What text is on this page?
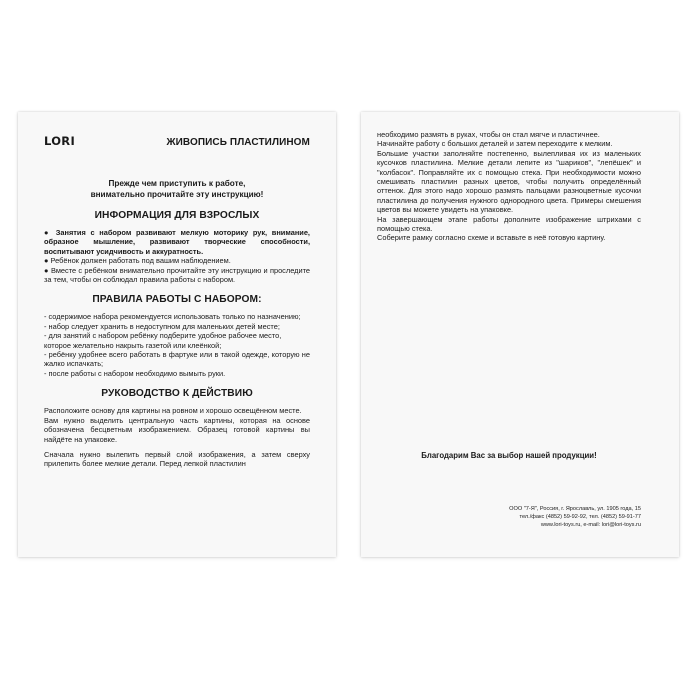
LORI	ЖИВОПИСЬ ПЛАСТИЛИНОМ
Прежде чем приступить к работе,
внимательно прочитайте эту инструкцию!
ИНФОРМАЦИЯ ДЛЯ ВЗРОСЛЫХ

● Занятия с набором развивают мелкую моторику рук, внимание, образное мышление, развивают творческие способности, воспитывают усидчивость и аккуратность.

● Ребёнок должен работать под вашим наблюдением.

● Вместе с ребёнком внимательно прочитайте эту инструкцию и проследите за тем, чтобы он соблюдал правила работы с набором.

ПРАВИЛА РАБОТЫ С НАБОРОМ:

- содержимое набора рекомендуется использовать только по назначению;

- набор следует хранить в недоступном для маленьких детей месте;

- для занятий с набором ребёнку подберите удобное рабочее место,

которое желательно накрыть газетой или клеёнкой;

- ребёнку удобнее всего работать в фартуке или в такой одежде, которую не жалко испачкать;

- после работы с набором необходимо вымыть руки.

РУКОВОДСТВО К ДЕЙСТВИЮ

Расположите основу для картины на ровном и хорошо освещённом месте.

Вам нужно выделить центральную часть картины, которая на основе обозначена бесцветным изображением. Образец готовой картины вы найдёте на упаковке.

Сначала нужно вылепить первый слой изображения, а затем сверху прилепить более мелкие детали. Перед лепкой пластилин

необходимо размять в руках, чтобы он стал мягче и пластичнее.

Начинайте работу с больших деталей и затем переходите к мелким.

Большие участки заполняйте постепенно, вылепливая их из маленьких кусочков пластилина. Мелкие детали лепите из "шариков", "лепёшек" и "колбасок". Поправляйте их с помощью стека. При необходимости можно смешивать пластилин разных цветов, чтобы получить определённый оттенок. Для этого надо хорошо размять пальцами разноцветные кусочки пластилина до получения нужного однородного цвета. Примеры смешения цветов вы можете увидеть на упаковке.

На завершающем этапе работы дополните изображение штрихами с помощью стека.

Соберите рамку согласно схеме и вставьте в неё готовую картину.

Благодарим Вас за выбор нашей продукции!
ООО "7-Я", Россия, г. Ярославль, ул. 1905 года, 15
тел./факс (4852) 59-92-92, тел. (4852) 59-91-77
www.lori-toys.ru, e-mail: lori@lori-toys.ru
